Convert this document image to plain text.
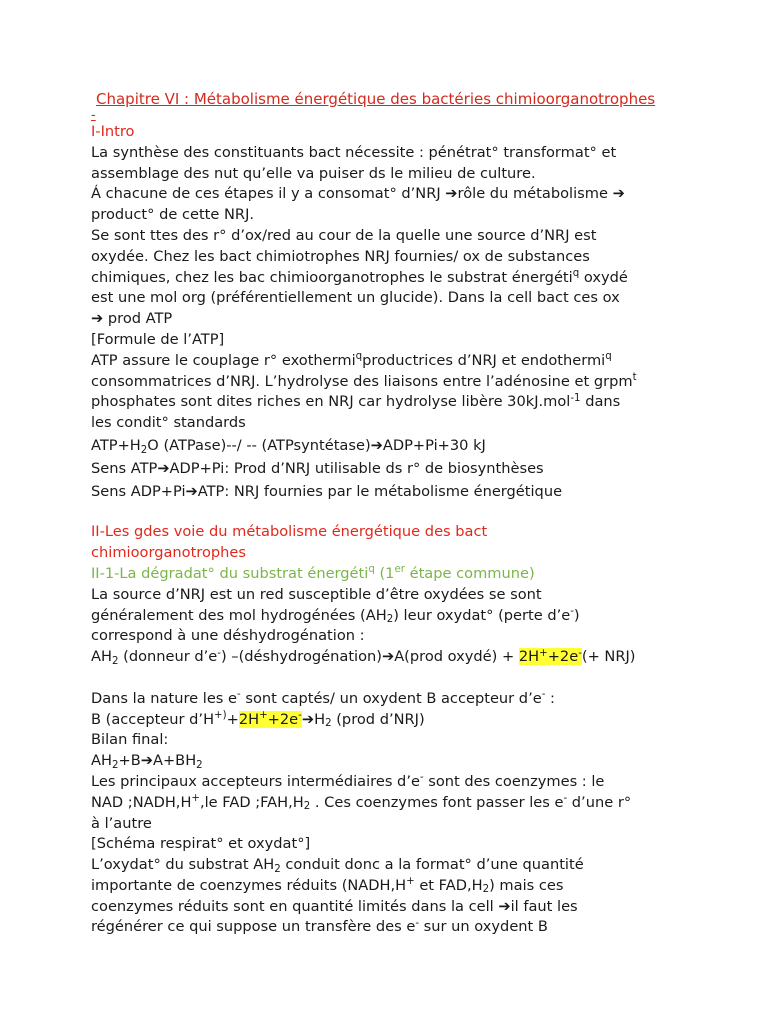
Chapitre VI : Métabolisme énergétique des bactéries chimioorganotrophes

-

I-Intro

La synthèse des constituants bact nécessite : pénétrat° transformat° et

assemblage des nut qu’elle va puiser ds le milieu de culture.

Á chacune de ces étapes il y a consomat° d’NRJ ➔rôle du métabolisme ➔

product° de cette NRJ.

Se sont ttes des r° d’ox/red au cour de la quelle une source d’NRJ est

oxydée. Chez les bact chimiotrophes NRJ fournies/ ox de substances

chimiques, chez les bac chimioorganotrophes le substrat énergéti$^q$ oxydé

est une mol org (préférentiellement un glucide). Dans la cell bact ces ox

➔ prod ATP

[Formule de l’ATP]

ATP assure le couplage r° exothermi$^q$productrices d’NRJ et endothermi$^q$

consommatrices d’NRJ. L’hydrolyse des liaisons entre l’adénosine et grpm$^t$

phosphates sont dites riches en NRJ car hydrolyse libère 30kJ.mol$^{-1}$ dans

les condit° standards

$ATP+H_2O$ (ATPase)--/ -- (ATPsyntétase)➔ADP+Pi+30 kJ

Sens ATP➔ADP+Pi: Prod d’NRJ utilisable ds r° de biosynthèses

Sens ADP+Pi➔ATP: NRJ fournies par le métabolisme énergétique

II-Les gdes voie du métabolisme énergétique des bact

chimioorganotrophes

II-1-La dégradat° du substrat énergéti$^q$ (1er étape commune)

La source d’NRJ est un red susceptible d’être oxydées se sont

généralement des mol hydrogénées $(AH_2)$ leur oxydat° (perte d’e-)

correspond à une déshydrogénation :

$AH_2$ (donneur d’e-) –(déshydrogénation)➔A(prod oxydé) + 2H++2e-(+ NRJ)

Dans la nature les e- sont captés/ un oxydent B accepteur d’e- :

B (accepteur $d’H^{+)}+2H^++2e^-➔H_2$ (prod d’NRJ)

Bilan final:

$AH_2+B➔A+BH_2$

Les principaux accepteurs intermédiaires d’e- sont des coenzymes : le

NAD ;NADH,H+,le FAD $;FAH,H_2$ . Ces coenzymes font passer les e- d’une r°

à l’autre

[Schéma respirat° et oxydat°]

L’oxydat° du substrat $AH_2$ conduit donc a la format° d’une quantité

importante de coenzymes réduits (NADH,H+ et $FAD,H_2$) mais ces

coenzymes réduits sont en quantité limités dans la cell ➔il faut les

régénérer ce qui suppose un transfère des e- sur un oxydent B
